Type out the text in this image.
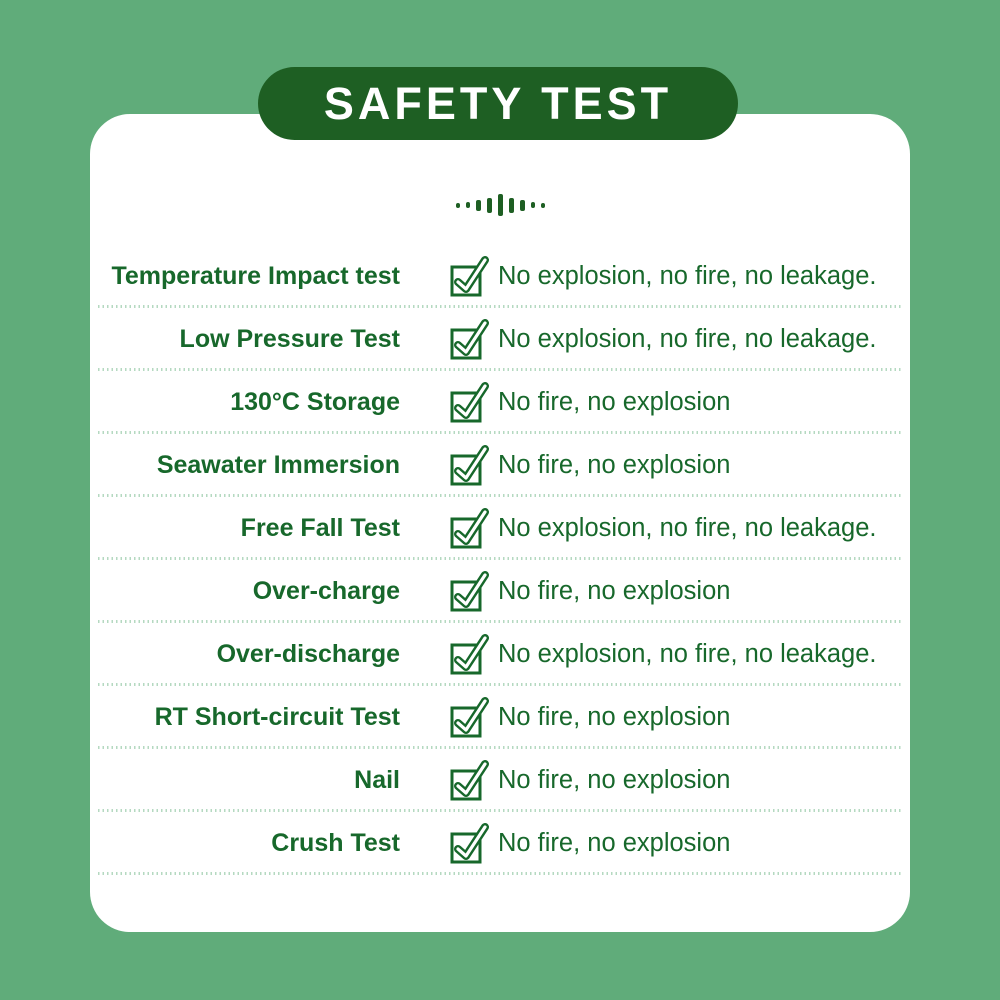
SAFETY TEST
Temperature Impact test	No explosion, no fire, no leakage.
Low Pressure Test	No explosion, no fire, no leakage.
130°C Storage	No fire, no explosion
Seawater Immersion	No fire, no explosion
Free Fall Test	No explosion, no fire, no leakage.
Over-charge	No fire, no explosion
Over-discharge	No explosion, no fire, no leakage.
RT Short-circuit Test	No fire, no explosion
Nail	No fire, no explosion
Crush Test	No fire, no explosion
